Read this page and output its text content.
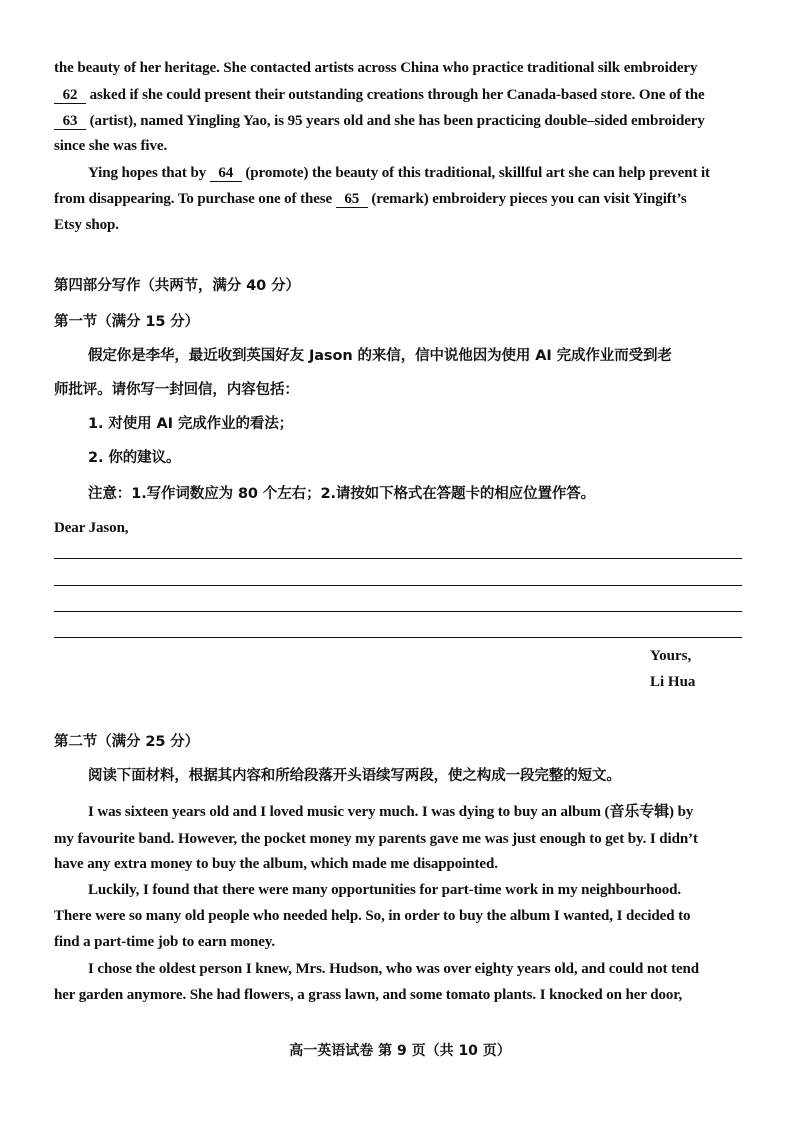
the beauty of her heritage. She contacted artists across China who practice traditional silk embroidery
62 asked if she could present their outstanding creations through her Canada-based store. One of the
63 (artist), named Yingling Yao, is 95 years old and she has been practicing double–sided embroidery
since she was five.
Ying hopes that by 64 (promote) the beauty of this traditional, skillful art she can help prevent it
from disappearing. To purchase one of these 65 (remark) embroidery pieces you can visit Yingift’s
Etsy shop.
第四部分写作（共两节，满分 40 分）
第一节（满分 15 分）
假定你是李华，最近收到英国好友 Jason 的来信，信中说他因为使用 AI 完成作业而受到老
师批评。请你写一封回信，内容包括：
1. 对使用 AI 完成作业的看法；
2. 你的建议。
注意：1.写作词数应为 80 个左右；2.请按如下格式在答题卡的相应位置作答。
Dear Jason,
Yours,
Li Hua
第二节（满分 25 分）
阅读下面材料，根据其内容和所给段落开头语续写两段，使之构成一段完整的短文。
I was sixteen years old and I loved music very much. I was dying to buy an album (音乐专辑) by
my favourite band. However, the pocket money my parents gave me was just enough to get by. I didn’t
have any extra money to buy the album, which made me disappointed.
Luckily, I found that there were many opportunities for part-time work in my neighbourhood.
There were so many old people who needed help. So, in order to buy the album I wanted, I decided to
find a part-time job to earn money.
I chose the oldest person I knew, Mrs. Hudson, who was over eighty years old, and could not tend
her garden anymore. She had flowers, a grass lawn, and some tomato plants. I knocked on her door,
高一英语试卷 第 9 页（共 10 页）
